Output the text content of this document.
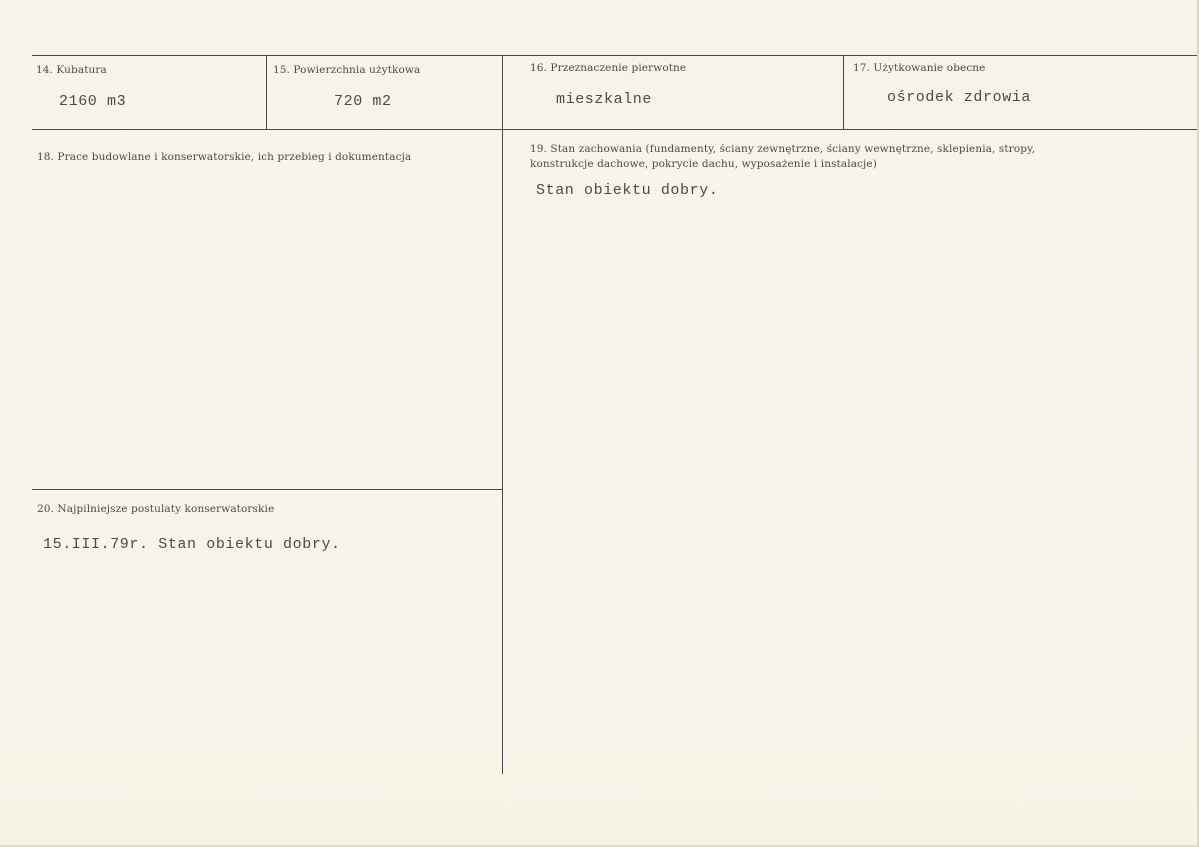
14. Kubatura
2160 m3
15. Powierzchnia użytkowa
720 m2
16. Przeznaczenie pierwotne
mieszkalne
17. Użytkowanie obecne
ośrodek zdrowia
18. Prace budowlane i konserwatorskie, ich przebieg i dokumentacja
19. Stan zachowania (fundamenty, ściany zewnętrzne, ściany wewnętrzne, sklepienia, stropy, konstrukcje dachowe, pokrycie dachu, wyposażenie i instalacje)
Stan obiektu dobry.
20. Najpilniejsze postulaty konserwatorskie
15.III.79r. Stan obiektu dobry.
